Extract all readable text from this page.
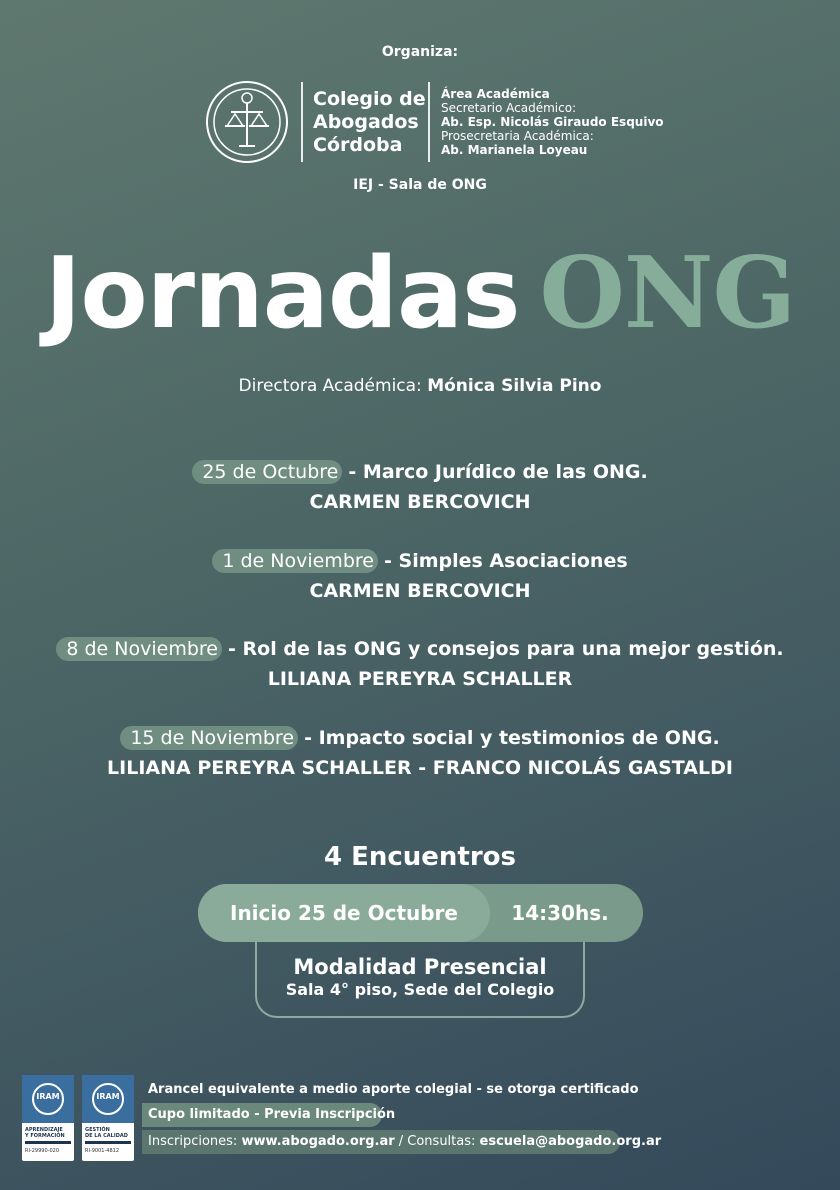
Organiza:
Colegio de
Abogados
Córdoba
Área Académica
Secretario Académico:
Ab. Esp. Nicolás Giraudo Esquivo
Prosecretaria Académica:
Ab. Marianela Loyeau
IEJ - Sala de ONG
Jornadas ONG
Directora Académica: Mónica Silvia Pino
25 de Octubre - Marco Jurídico de las ONG.
CARMEN BERCOVICH
1 de Noviembre - Simples Asociaciones
CARMEN BERCOVICH
8 de Noviembre - Rol de las ONG y consejos para una mejor gestión.
LILIANA PEREYRA SCHALLER
15 de Noviembre - Impacto social y testimonios de ONG.
LILIANA PEREYRA SCHALLER - FRANCO NICOLÁS GASTALDI
4 Encuentros
Inicio 25 de Octubre	14:30hs.
Modalidad Presencial
Sala 4° piso, Sede del Colegio
IRAM
APRENDIZAJE
Y FORMACIÓN
RI-29990-020
IRAM
GESTIÓN
DE LA CALIDAD
RI-9001-4812
Arancel equivalente a medio aporte colegial - se otorga certificado
Cupo limitado - Previa Inscripción
Inscripciones: www.abogado.org.ar / Consultas: escuela@abogado.org.ar
